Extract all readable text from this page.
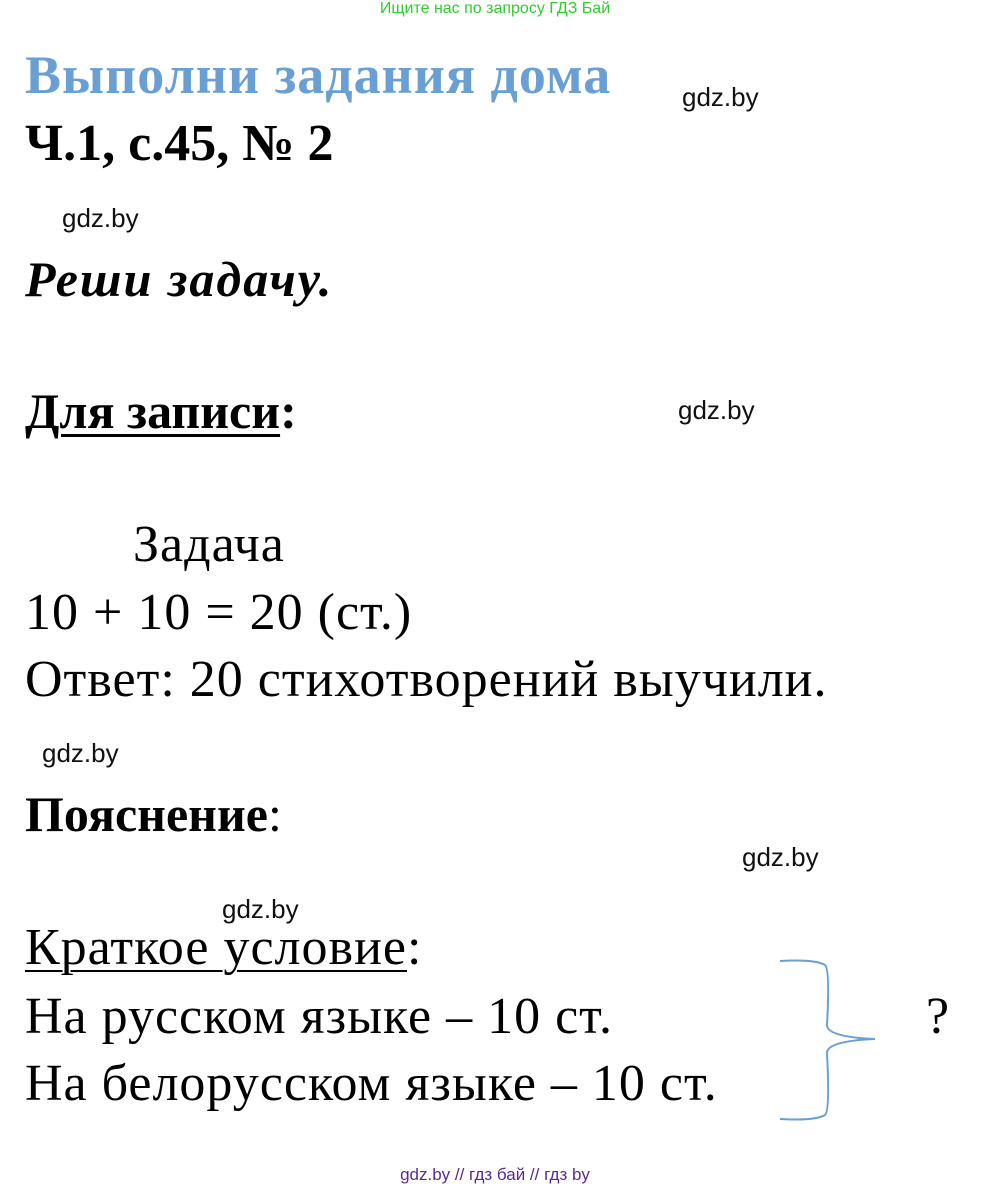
Ищите нас по запросу ГДЗ Бай
Выполни задания дома	gdz.by
Ч.1, с.45, № 2
gdz.by
Реши задачу.
Для записи:	gdz.by
Задача
10 + 10 = 20 (ст.)
Ответ: 20 стихотворений выучили.
gdz.by
Пояснение:
gdz.by
gdz.by
Краткое условие:
На русском языке – 10 ст.
На белорусском языке – 10 ст.
?
gdz.by // гдз бай // гдз by
